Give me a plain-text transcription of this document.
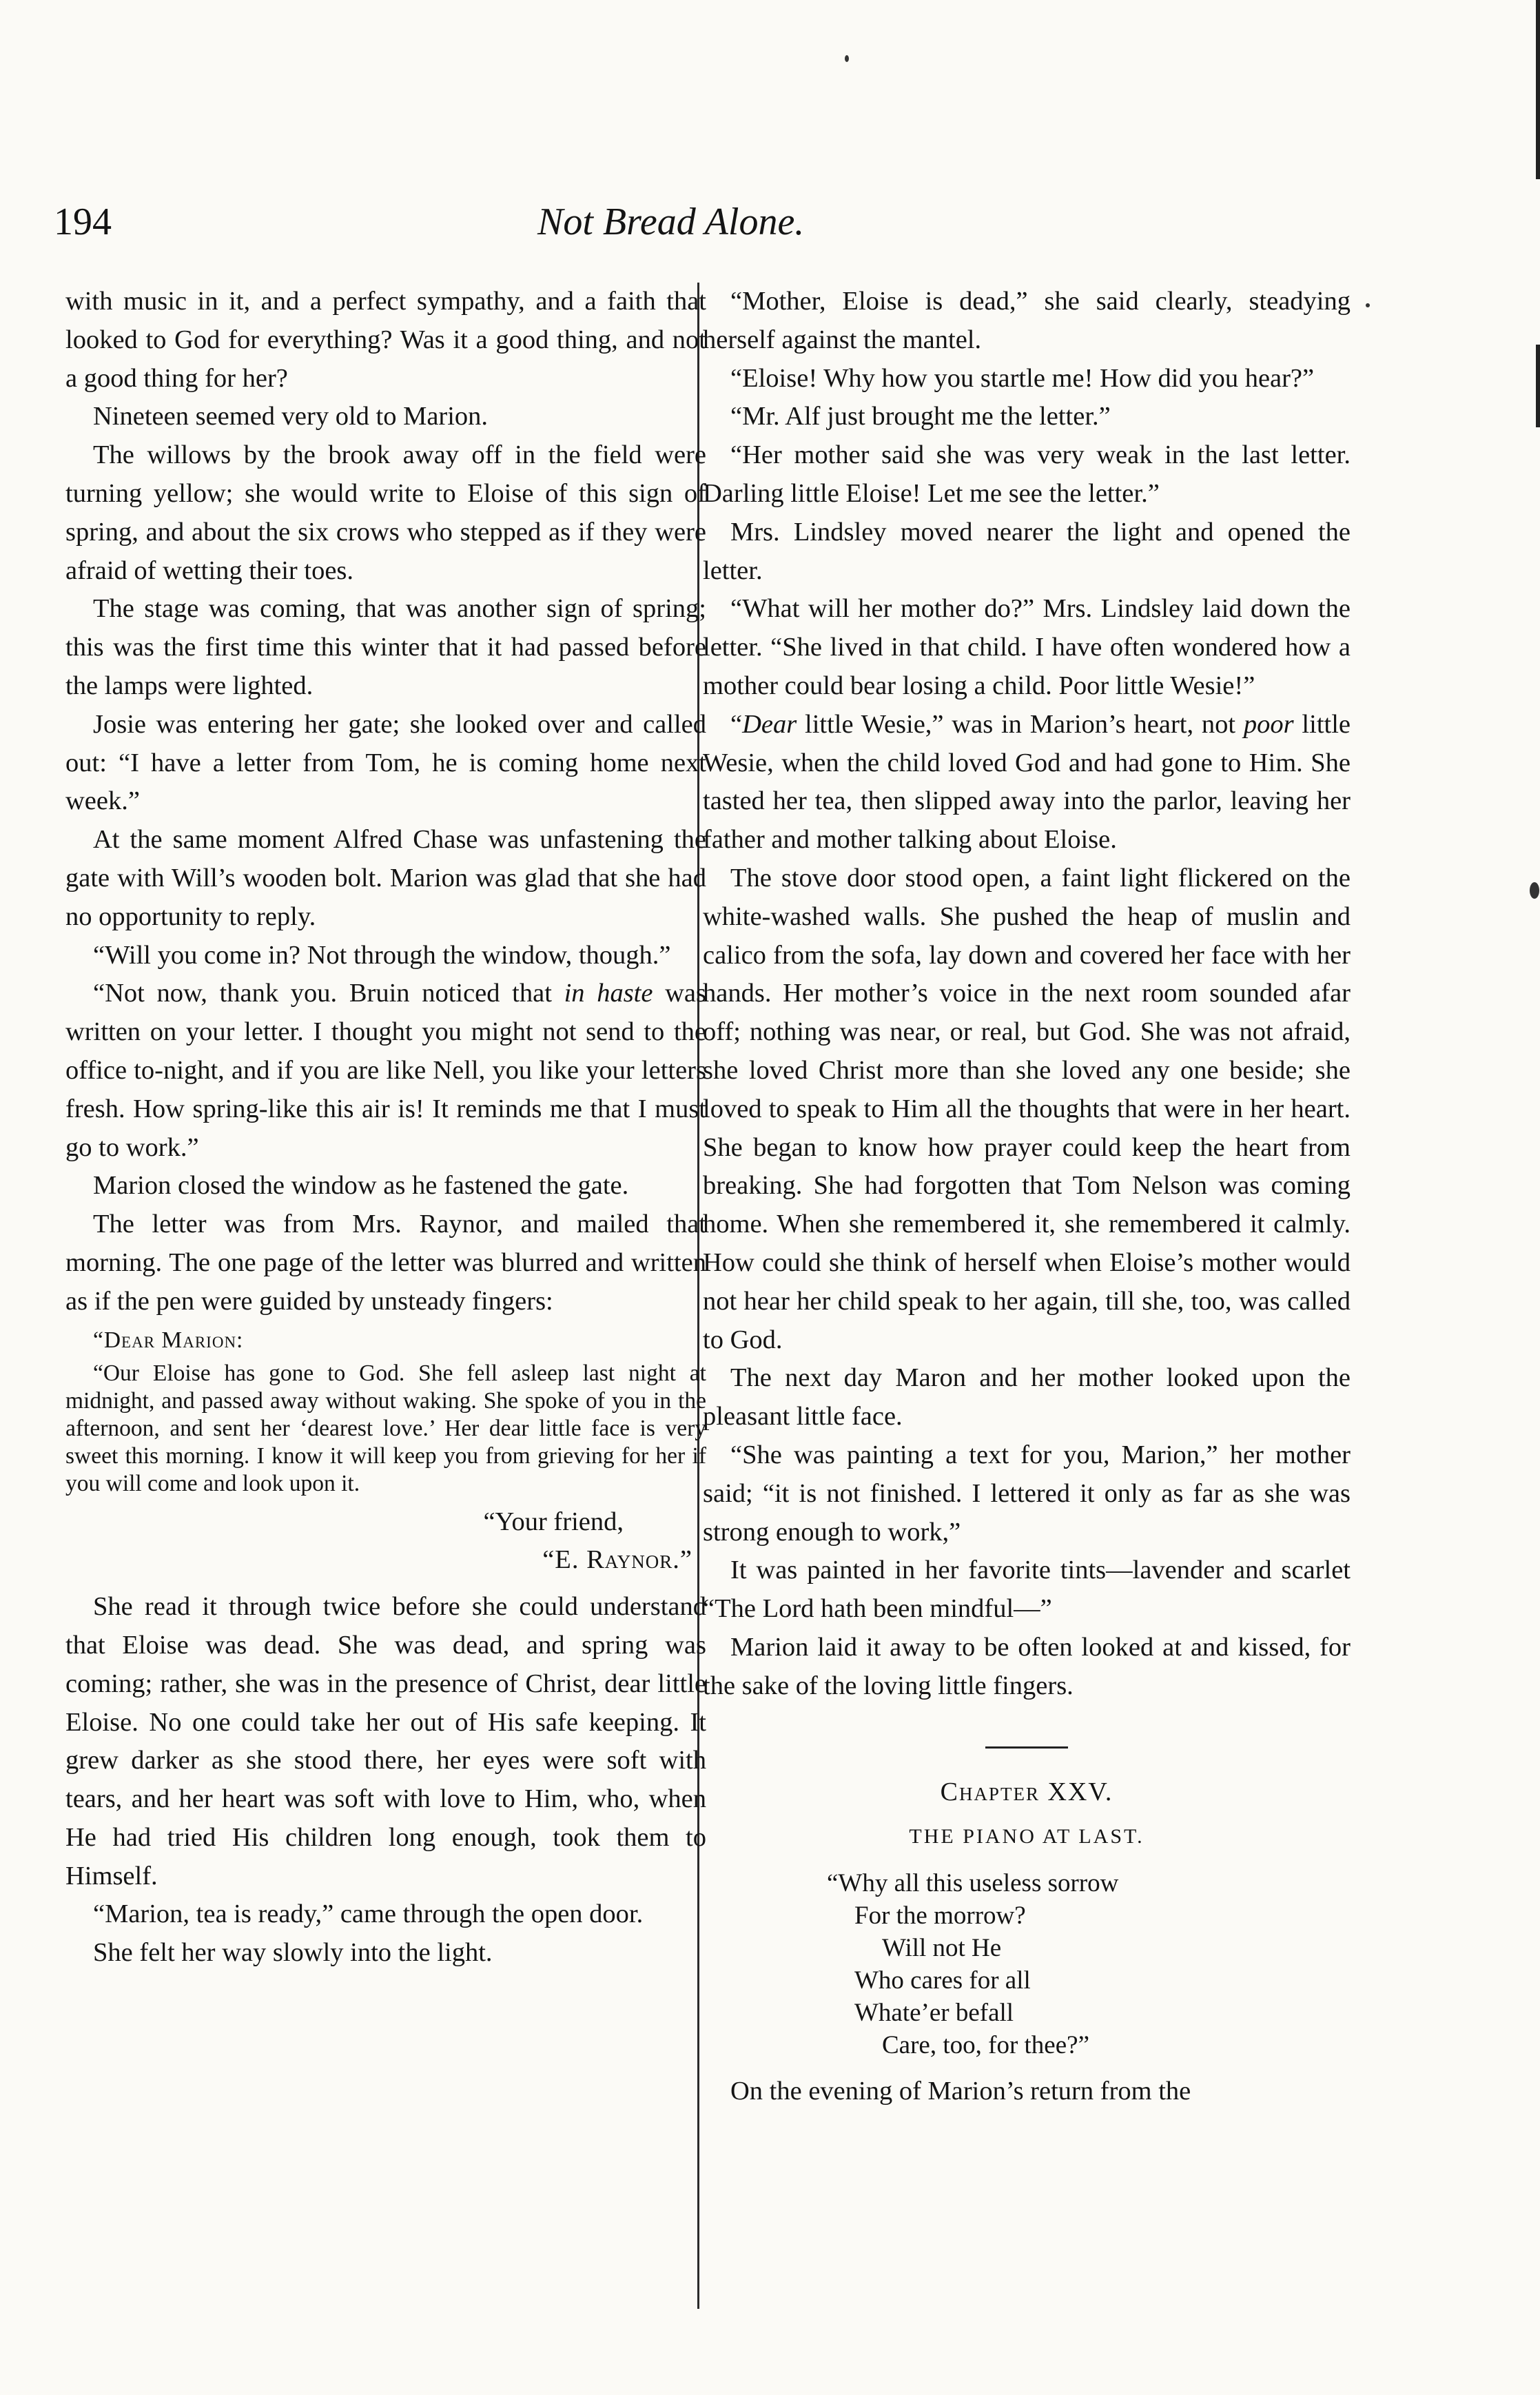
194	Not Bread Alone.

with music in it, and a perfect sympathy, and a faith that looked to God for everything? Was it a good thing, and not a good thing for her?

Nineteen seemed very old to Marion.

The willows by the brook away off in the field were turning yellow; she would write to Eloise of this sign of spring, and about the six crows who stepped as if they were afraid of wetting their toes.

The stage was coming, that was another sign of spring; this was the first time this winter that it had passed before the lamps were lighted.

Josie was entering her gate; she looked over and called out: “I have a letter from Tom, he is coming home next week.”

At the same moment Alfred Chase was unfastening the gate with Will’s wooden bolt. Marion was glad that she had no opportunity to reply.

“Will you come in? Not through the window, though.”

“Not now, thank you. Bruin noticed that in haste was written on your letter. I thought you might not send to the office to-night, and if you are like Nell, you like your letters fresh. How spring-like this air is! It reminds me that I must go to work.”

Marion closed the window as he fastened the gate.

The letter was from Mrs. Raynor, and mailed that morning. The one page of the letter was blurred and written as if the pen were guided by unsteady fingers:

“Dear Marion:

“Our Eloise has gone to God. She fell asleep last night at midnight, and passed away without waking. She spoke of you in the afternoon, and sent her ‘dearest love.’ Her dear little face is very sweet this morning. I know it will keep you from grieving for her if you will come and look upon it.

“Your friend,

“E. Raynor.”

She read it through twice before she could understand that Eloise was dead. She was dead, and spring was coming; rather, she was in the presence of Christ, dear little Eloise. No one could take her out of His safe keeping. It grew darker as she stood there, her eyes were soft with tears, and her heart was soft with love to Him, who, when He had tried His children long enough, took them to Himself.

“Marion, tea is ready,” came through the open door.

She felt her way slowly into the light.

“Mother, Eloise is dead,” she said clearly, steadying herself against the mantel.

“Eloise! Why how you startle me! How did you hear?”

“Mr. Alf just brought me the letter.”

“Her mother said she was very weak in the last letter. Darling little Eloise! Let me see the letter.”

Mrs. Lindsley moved nearer the light and opened the letter.

“What will her mother do?” Mrs. Lindsley laid down the letter. “She lived in that child. I have often wondered how a mother could bear losing a child. Poor little Wesie!”

“Dear little Wesie,” was in Marion’s heart, not poor little Wesie, when the child loved God and had gone to Him. She tasted her tea, then slipped away into the parlor, leaving her father and mother talking about Eloise.

The stove door stood open, a faint light flickered on the white-washed walls. She pushed the heap of muslin and calico from the sofa, lay down and covered her face with her hands. Her mother’s voice in the next room sounded afar off; nothing was near, or real, but God. She was not afraid, she loved Christ more than she loved any one beside; she loved to speak to Him all the thoughts that were in her heart. She began to know how prayer could keep the heart from breaking. She had forgotten that Tom Nelson was coming home. When she remembered it, she remembered it calmly. How could she think of herself when Eloise’s mother would not hear her child speak to her again, till she, too, was called to God.

The next day Maron and her mother looked upon the pleasant little face.

“She was painting a text for you, Marion,” her mother said; “it is not finished. I lettered it only as far as she was strong enough to work,”

It was painted in her favorite tints—lavender and scarlet “The Lord hath been mindful—”

Marion laid it away to be often looked at and kissed, for the sake of the loving little fingers.

Chapter XXV.

THE PIANO AT LAST.

“Why all this useless sorrow
For the morrow?
Will not He
Who cares for all
Whate’er befall
Care, too, for thee?”

On the evening of Marion’s return from the
